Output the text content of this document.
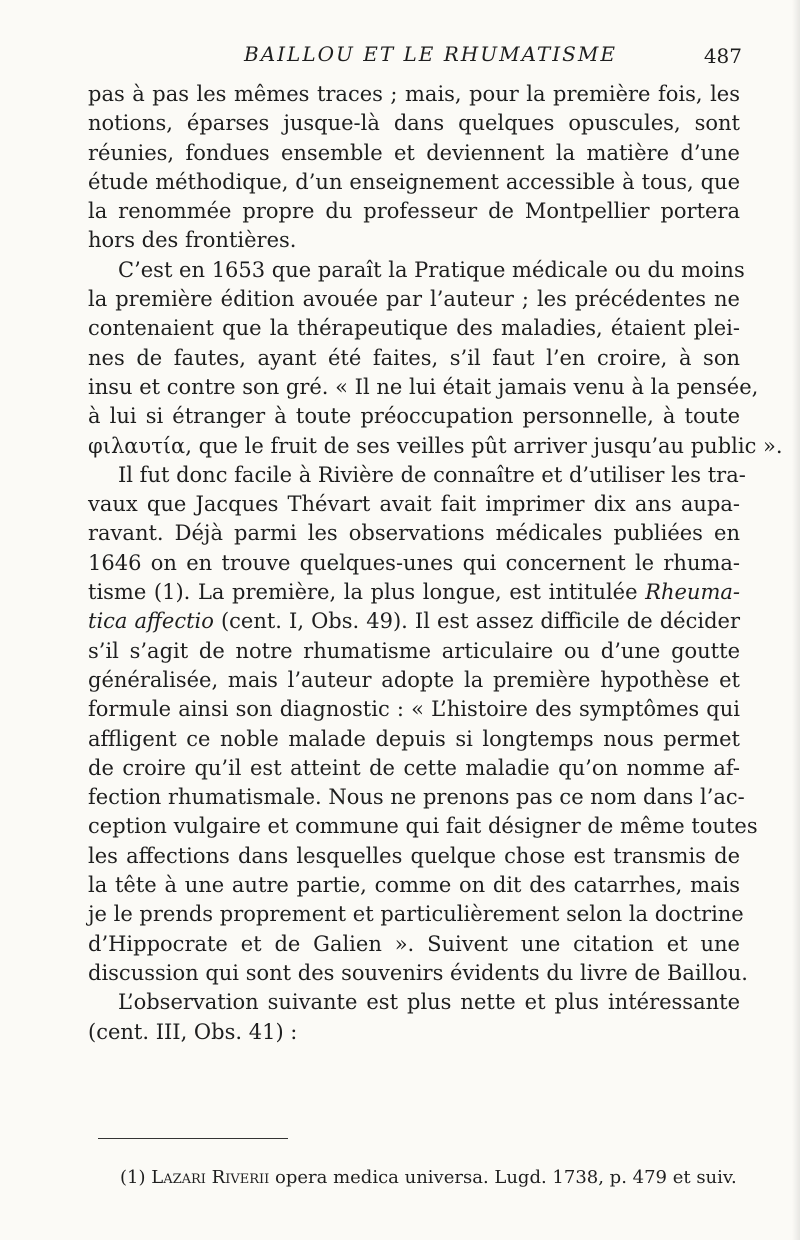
BAILLOU ET LE RHUMATISME	487
pas à pas les mêmes traces ; mais, pour la première fois, les
notions, éparses jusque-là dans quelques opuscules, sont
réunies, fondues ensemble et deviennent la matière d’une
étude méthodique, d’un enseignement accessible à tous, que
la renommée propre du professeur de Montpellier portera
hors des frontières.
C’est en 1653 que paraît la Pratique médicale ou du moins
la première édition avouée par l’auteur ; les précédentes ne
contenaient que la thérapeutique des maladies, étaient plei-
nes de fautes, ayant été faites, s’il faut l’en croire, à son
insu et contre son gré. « Il ne lui était jamais venu à la pensée,
à lui si étranger à toute préoccupation personnelle, à toute
φιλαυτία, que le fruit de ses veilles pût arriver jusqu’au public ».
Il fut donc facile à Rivière de connaître et d’utiliser les tra-
vaux que Jacques Thévart avait fait imprimer dix ans aupa-
ravant. Déjà parmi les observations médicales publiées en
1646 on en trouve quelques-unes qui concernent le rhuma-
tisme (1). La première, la plus longue, est intitulée Rheuma-
tica affectio (cent. I, Obs. 49). Il est assez difficile de décider
s’il s’agit de notre rhumatisme articulaire ou d’une goutte
généralisée, mais l’auteur adopte la première hypothèse et
formule ainsi son diagnostic : « L’histoire des symptômes qui
affligent ce noble malade depuis si longtemps nous permet
de croire qu’il est atteint de cette maladie qu’on nomme af-
fection rhumatismale. Nous ne prenons pas ce nom dans l’ac-
ception vulgaire et commune qui fait désigner de même toutes
les affections dans lesquelles quelque chose est transmis de
la tête à une autre partie, comme on dit des catarrhes, mais
je le prends proprement et particulièrement selon la doctrine
d’Hippocrate et de Galien ». Suivent une citation et une
discussion qui sont des souvenirs évidents du livre de Baillou.
L’observation suivante est plus nette et plus intéressante
(cent. III, Obs. 41) :
(1) Lazari Riverii opera medica universa. Lugd. 1738, p. 479 et suiv.
